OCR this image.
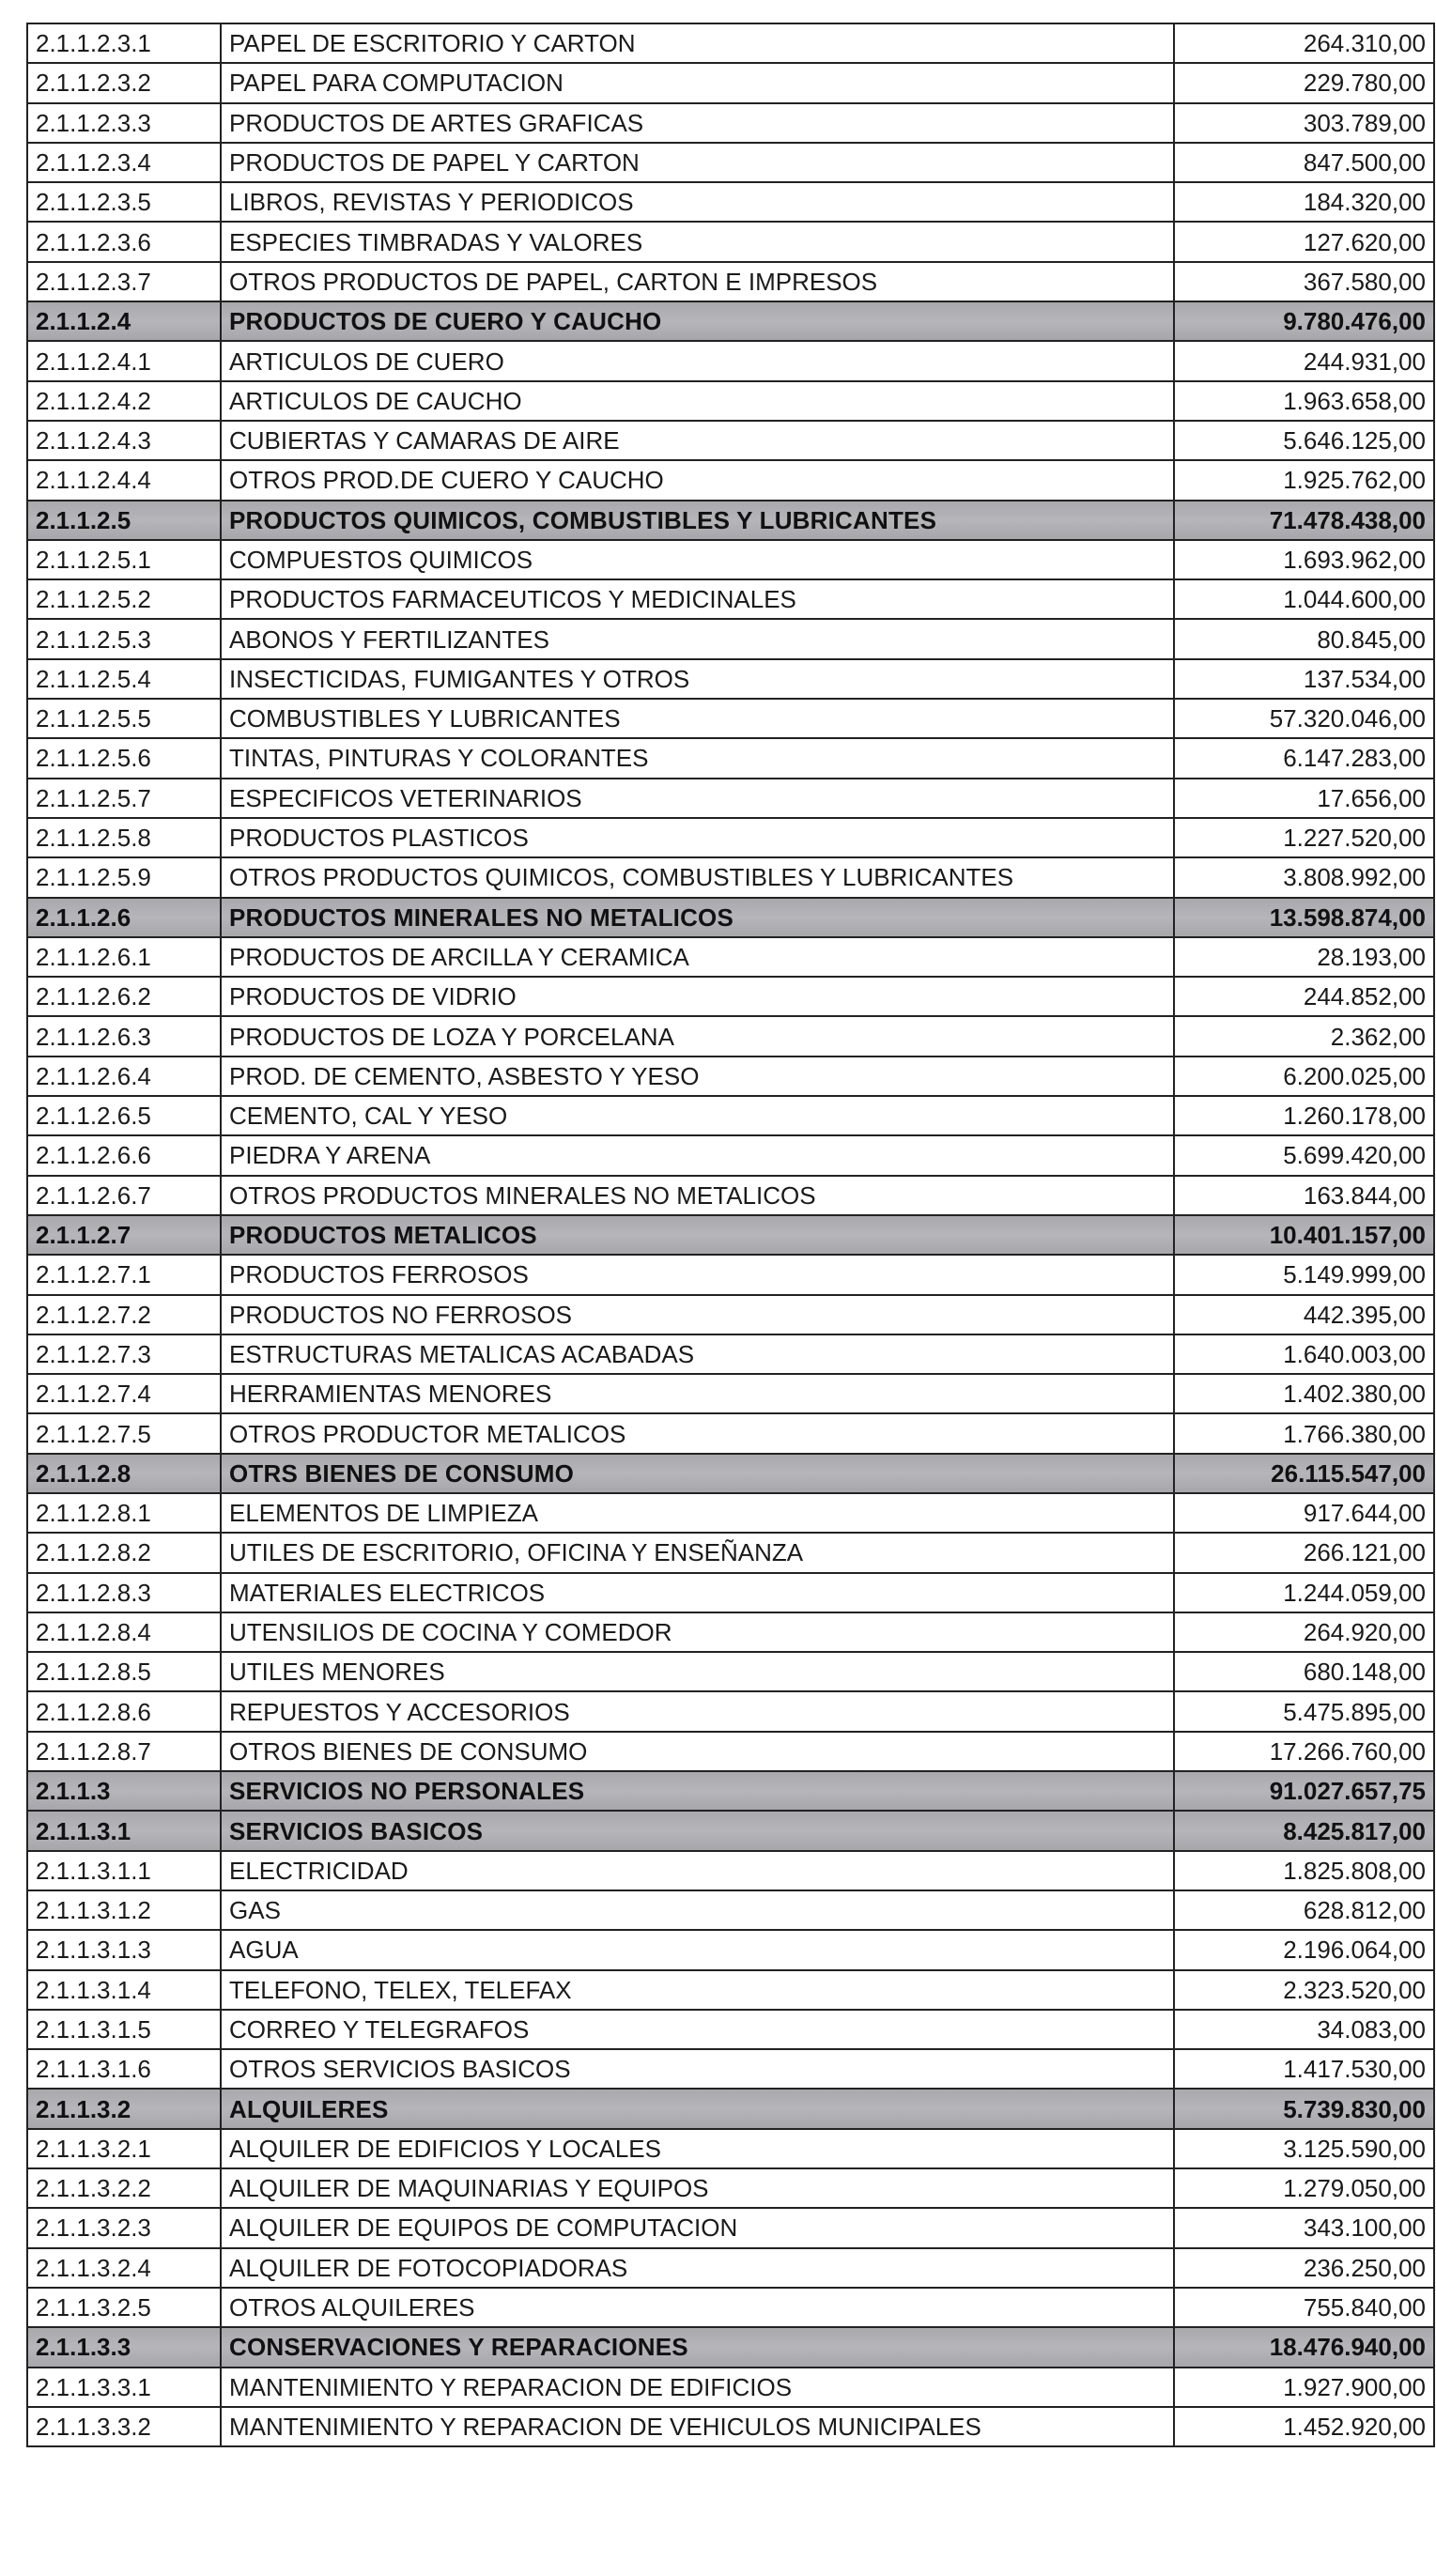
2.1.1.2.3.1	PAPEL DE ESCRITORIO Y CARTON	264.310,00
2.1.1.2.3.2	PAPEL PARA COMPUTACION	229.780,00
2.1.1.2.3.3	PRODUCTOS DE ARTES GRAFICAS	303.789,00
2.1.1.2.3.4	PRODUCTOS DE PAPEL Y CARTON	847.500,00
2.1.1.2.3.5	LIBROS, REVISTAS Y PERIODICOS	184.320,00
2.1.1.2.3.6	ESPECIES TIMBRADAS Y VALORES	127.620,00
2.1.1.2.3.7	OTROS PRODUCTOS DE PAPEL, CARTON E IMPRESOS	367.580,00
2.1.1.2.4	PRODUCTOS DE CUERO Y CAUCHO	9.780.476,00
2.1.1.2.4.1	ARTICULOS DE CUERO	244.931,00
2.1.1.2.4.2	ARTICULOS DE CAUCHO	1.963.658,00
2.1.1.2.4.3	CUBIERTAS Y CAMARAS DE AIRE	5.646.125,00
2.1.1.2.4.4	OTROS PROD.DE CUERO Y CAUCHO	1.925.762,00
2.1.1.2.5	PRODUCTOS QUIMICOS, COMBUSTIBLES Y LUBRICANTES	71.478.438,00
2.1.1.2.5.1	COMPUESTOS QUIMICOS	1.693.962,00
2.1.1.2.5.2	PRODUCTOS FARMACEUTICOS Y MEDICINALES	1.044.600,00
2.1.1.2.5.3	ABONOS Y FERTILIZANTES	80.845,00
2.1.1.2.5.4	INSECTICIDAS, FUMIGANTES Y OTROS	137.534,00
2.1.1.2.5.5	COMBUSTIBLES Y LUBRICANTES	57.320.046,00
2.1.1.2.5.6	TINTAS, PINTURAS Y COLORANTES	6.147.283,00
2.1.1.2.5.7	ESPECIFICOS VETERINARIOS	17.656,00
2.1.1.2.5.8	PRODUCTOS PLASTICOS	1.227.520,00
2.1.1.2.5.9	OTROS PRODUCTOS QUIMICOS, COMBUSTIBLES Y LUBRICANTES	3.808.992,00
2.1.1.2.6	PRODUCTOS MINERALES NO METALICOS	13.598.874,00
2.1.1.2.6.1	PRODUCTOS DE ARCILLA Y CERAMICA	28.193,00
2.1.1.2.6.2	PRODUCTOS DE VIDRIO	244.852,00
2.1.1.2.6.3	PRODUCTOS DE LOZA Y PORCELANA	2.362,00
2.1.1.2.6.4	PROD. DE CEMENTO, ASBESTO Y YESO	6.200.025,00
2.1.1.2.6.5	CEMENTO, CAL Y YESO	1.260.178,00
2.1.1.2.6.6	PIEDRA Y ARENA	5.699.420,00
2.1.1.2.6.7	OTROS PRODUCTOS MINERALES NO METALICOS	163.844,00
2.1.1.2.7	PRODUCTOS METALICOS	10.401.157,00
2.1.1.2.7.1	PRODUCTOS FERROSOS	5.149.999,00
2.1.1.2.7.2	PRODUCTOS NO FERROSOS	442.395,00
2.1.1.2.7.3	ESTRUCTURAS METALICAS ACABADAS	1.640.003,00
2.1.1.2.7.4	HERRAMIENTAS MENORES	1.402.380,00
2.1.1.2.7.5	OTROS PRODUCTOR METALICOS	1.766.380,00
2.1.1.2.8	OTRS BIENES DE CONSUMO	26.115.547,00
2.1.1.2.8.1	ELEMENTOS DE LIMPIEZA	917.644,00
2.1.1.2.8.2	UTILES DE ESCRITORIO, OFICINA Y ENSEÑANZA	266.121,00
2.1.1.2.8.3	MATERIALES ELECTRICOS	1.244.059,00
2.1.1.2.8.4	UTENSILIOS DE COCINA Y COMEDOR	264.920,00
2.1.1.2.8.5	UTILES MENORES	680.148,00
2.1.1.2.8.6	REPUESTOS Y ACCESORIOS	5.475.895,00
2.1.1.2.8.7	OTROS BIENES DE CONSUMO	17.266.760,00
2.1.1.3	SERVICIOS NO PERSONALES	91.027.657,75
2.1.1.3.1	SERVICIOS BASICOS	8.425.817,00
2.1.1.3.1.1	ELECTRICIDAD	1.825.808,00
2.1.1.3.1.2	GAS	628.812,00
2.1.1.3.1.3	AGUA	2.196.064,00
2.1.1.3.1.4	TELEFONO, TELEX, TELEFAX	2.323.520,00
2.1.1.3.1.5	CORREO Y TELEGRAFOS	34.083,00
2.1.1.3.1.6	OTROS SERVICIOS BASICOS	1.417.530,00
2.1.1.3.2	ALQUILERES	5.739.830,00
2.1.1.3.2.1	ALQUILER DE EDIFICIOS Y LOCALES	3.125.590,00
2.1.1.3.2.2	ALQUILER DE MAQUINARIAS Y EQUIPOS	1.279.050,00
2.1.1.3.2.3	ALQUILER DE EQUIPOS DE COMPUTACION	343.100,00
2.1.1.3.2.4	ALQUILER DE FOTOCOPIADORAS	236.250,00
2.1.1.3.2.5	OTROS ALQUILERES	755.840,00
2.1.1.3.3	CONSERVACIONES Y REPARACIONES	18.476.940,00
2.1.1.3.3.1	MANTENIMIENTO Y REPARACION DE EDIFICIOS	1.927.900,00
2.1.1.3.3.2	MANTENIMIENTO Y REPARACION DE VEHICULOS MUNICIPALES	1.452.920,00
